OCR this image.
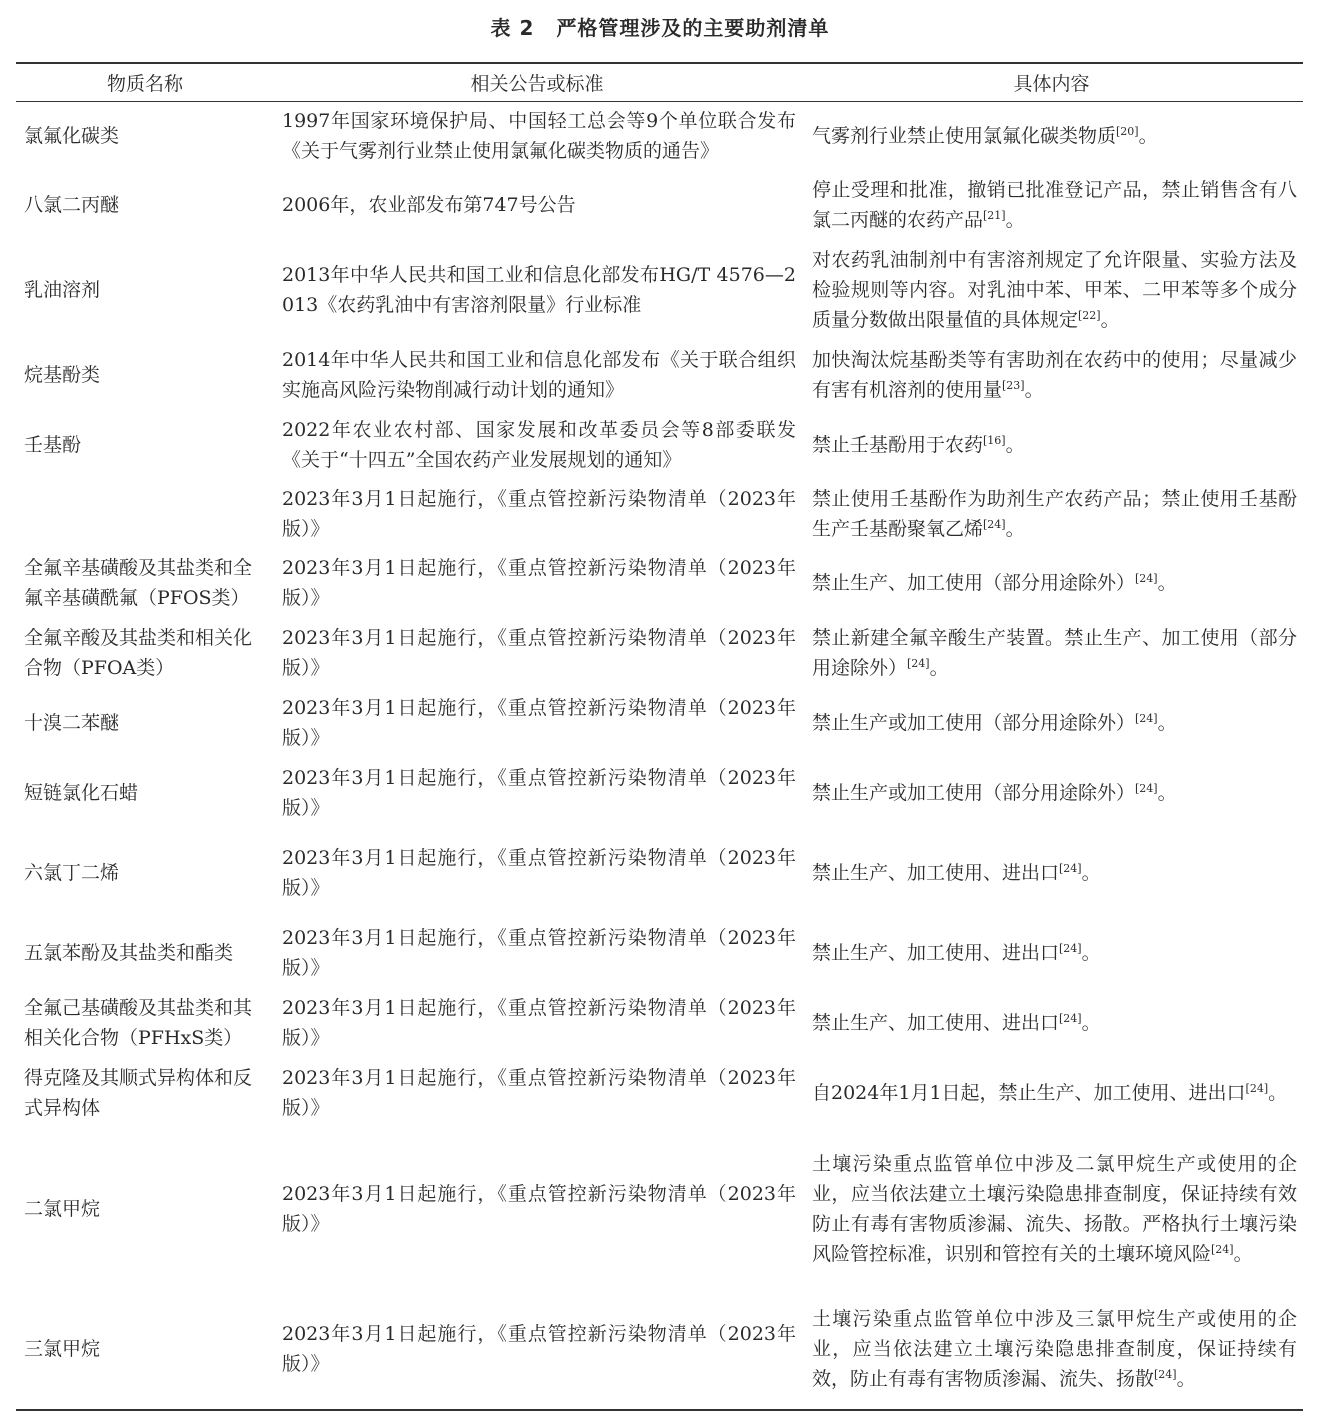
表 2 严格管理涉及的主要助剂清单
物质名称	相关公告或标准	具体内容
氯氟化碳类	1997年国家环境保护局、中国轻工总会等9个单位联合发布《关于气雾剂行业禁止使用氯氟化碳类物质的通告》	气雾剂行业禁止使用氯氟化碳类物质[20]。
八氯二丙醚	2006年，农业部发布第747号公告	停止受理和批准，撤销已批准登记产品，禁止销售含有八氯二丙醚的农药产品[21]。
乳油溶剂	2013年中华人民共和国工业和信息化部发布HG/T 4576—2013《农药乳油中有害溶剂限量》行业标准	对农药乳油制剂中有害溶剂规定了允许限量、实验方法及检验规则等内容。对乳油中苯、甲苯、二甲苯等多个成分质量分数做出限量值的具体规定[22]。
烷基酚类	2014年中华人民共和国工业和信息化部发布《关于联合组织实施高风险污染物削减行动计划的通知》	加快淘汰烷基酚类等有害助剂在农药中的使用；尽量减少有害有机溶剂的使用量[23]。
壬基酚	2022年农业农村部、国家发展和改革委员会等8部委联发《关于“十四五”全国农药产业发展规划的通知》	禁止壬基酚用于农药[16]。
	2023年3月1日起施行，《重点管控新污染物清单（2023年版）》	禁止使用壬基酚作为助剂生产农药产品；禁止使用壬基酚生产壬基酚聚氧乙烯[24]。
全氟辛基磺酸及其盐类和全氟辛基磺酰氟（PFOS类）	2023年3月1日起施行，《重点管控新污染物清单（2023年版）》	禁止生产、加工使用（部分用途除外）[24]。
全氟辛酸及其盐类和相关化合物（PFOA类）	2023年3月1日起施行，《重点管控新污染物清单（2023年版）》	禁止新建全氟辛酸生产装置。禁止生产、加工使用（部分用途除外）[24]。
十溴二苯醚	2023年3月1日起施行，《重点管控新污染物清单（2023年版）》	禁止生产或加工使用（部分用途除外）[24]。
短链氯化石蜡	2023年3月1日起施行，《重点管控新污染物清单（2023年版）》	禁止生产或加工使用（部分用途除外）[24]。
六氯丁二烯	2023年3月1日起施行，《重点管控新污染物清单（2023年版）》	禁止生产、加工使用、进出口[24]。
五氯苯酚及其盐类和酯类	2023年3月1日起施行，《重点管控新污染物清单（2023年版）》	禁止生产、加工使用、进出口[24]。
全氟己基磺酸及其盐类和其相关化合物（PFHxS类）	2023年3月1日起施行，《重点管控新污染物清单（2023年版）》	禁止生产、加工使用、进出口[24]。
得克隆及其顺式异构体和反式异构体	2023年3月1日起施行，《重点管控新污染物清单（2023年版）》	自2024年1月1日起，禁止生产、加工使用、进出口[24]。
二氯甲烷	2023年3月1日起施行，《重点管控新污染物清单（2023年版）》	土壤污染重点监管单位中涉及二氯甲烷生产或使用的企业，应当依法建立土壤污染隐患排查制度，保证持续有效防止有毒有害物质渗漏、流失、扬散。严格执行土壤污染风险管控标准，识别和管控有关的土壤环境风险[24]。
三氯甲烷	2023年3月1日起施行，《重点管控新污染物清单（2023年版）》	土壤污染重点监管单位中涉及三氯甲烷生产或使用的企业，应当依法建立土壤污染隐患排查制度，保证持续有效，防止有毒有害物质渗漏、流失、扬散[24]。
